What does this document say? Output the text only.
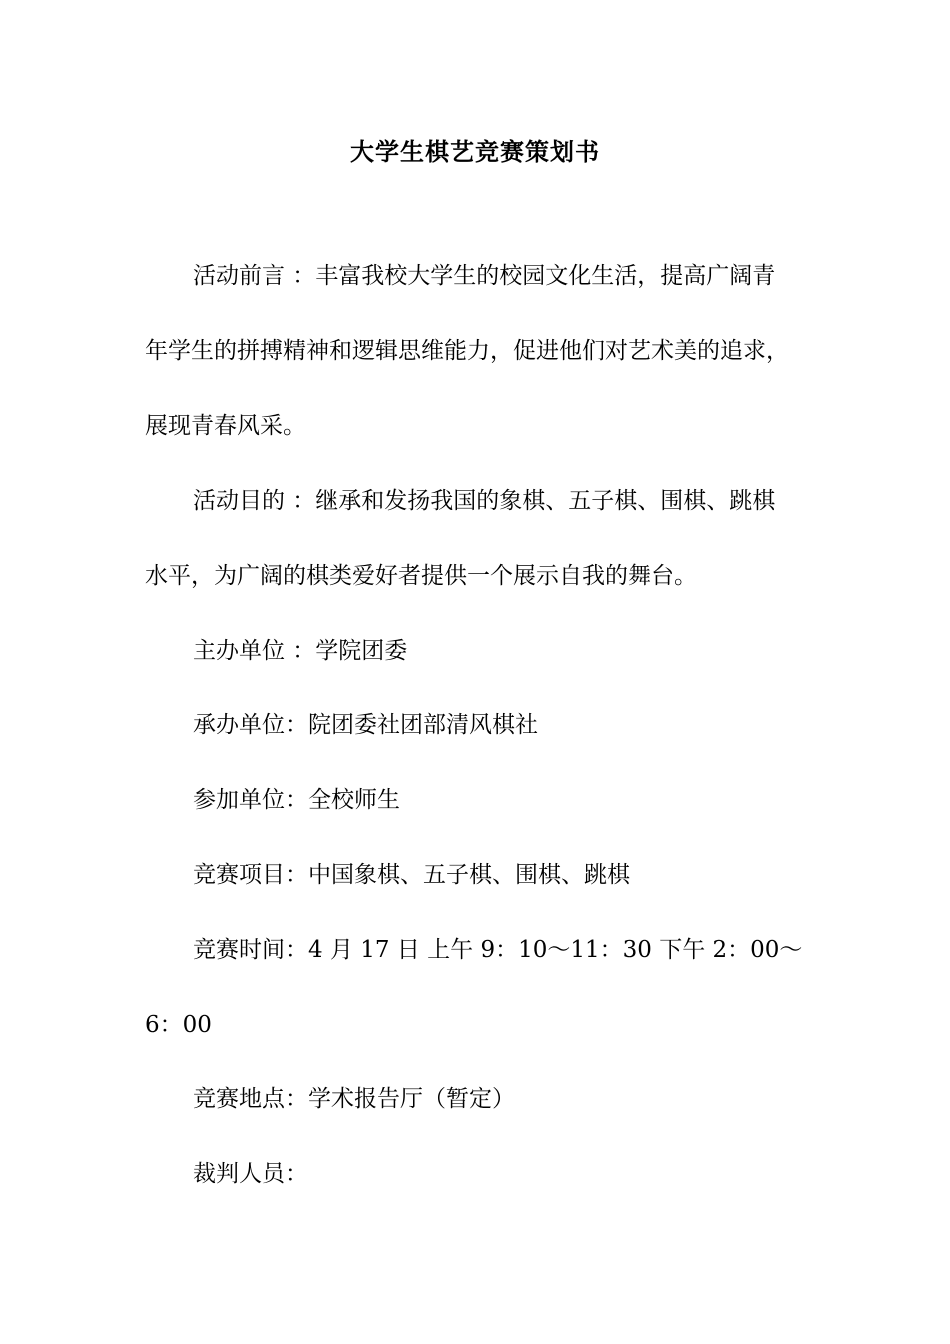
大学生棋艺竞赛策划书
活动前言 ：丰富我校大学生的校园文化生活，提高广阔青
年学生的拼搏精神和逻辑思维能力，促进他们对艺术美的追求，
展现青春风采。
活动目的 ：继承和发扬我国的象棋、五子棋、围棋、跳棋
水平，为广阔的棋类爱好者提供一个展示自我的舞台。
主办单位 ：学院团委
承办单位：院团委社团部清风棋社
参加单位：全校师生
竞赛项目：中国象棋、五子棋、围棋、跳棋
竞赛时间：4 月 17 日 上午 9：10～11：30 下午 2：00～
6：00
竞赛地点：学术报告厅（暂定）
裁判人员：
